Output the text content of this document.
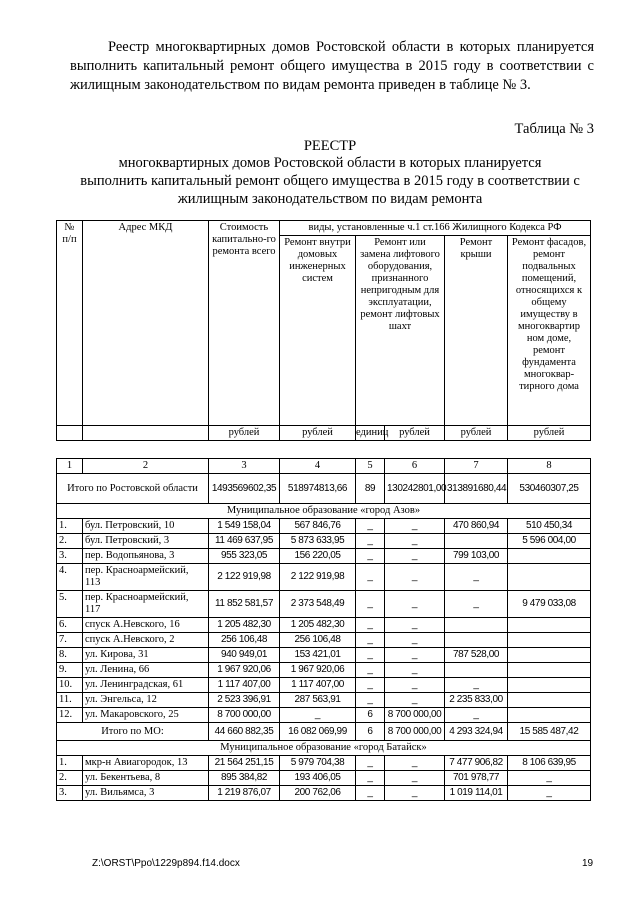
Реестр многоквартирных домов Ростовской области в которых планируется выполнить капитальный ремонт общего имущества в 2015 году в соответствии с жилищным законодательством по видам ремонта приведен в таблице № 3.
Таблица № 3
РЕЕСТР
многоквартирных домов Ростовской области в которых планируется
выполнить капитальный ремонт общего имущества в 2015 году в соответствии с
жилищным законодательством по видам ремонта
№ п/п	Адрес МКД	Стоимость капитально-го ремонта всего	виды, установленные ч.1 ст.166 Жилищного Кодекса РФ				
			Ремонт внутри домовых инженерных систем	Ремонт или замена лифтового оборудования, признанного непригодным для эксплуатации, ремонт лифтовых шахт		Ремонт крыши	Ремонт фасадов, ремонт подвальных помещений, относящихся к общему имуществу в многоквартир ном доме, ремонт фундамента многоквар-тирного дома
		рублей	рублей	единиц	рублей	рублей	рублей
1	2	3	4	5	6	7	8
Итого по Ростовской области		1493569602,35	518974813,66	89	130242801,00	313891680,44	530460307,25
Муниципальное образование «город Азов»							
1.	бул. Петровский, 10	1 549 158,04	567 846,76	_	_	470 860,94	510 450,34
2.	бул. Петровский, 3	11 469 637,95	5 873 633,95	_	_		5 596 004,00
3.	пер. Водопьянова, 3	955 323,05	156 220,05	_	_	799 103,00	
4.	пер. Красноармейский, 113	2 122 919,98	2 122 919,98	_	_	_	
5.	пер. Красноармейский, 117	11 852 581,57	2 373 548,49	_	_	_	9 479 033,08
6.	спуск А.Невского, 16	1 205 482,30	1 205 482,30	_	_		
7.	спуск А.Невского, 2	256 106,48	256 106,48	_	_		
8.	ул. Кирова, 31	940 949,01	153 421,01	_	_	787 528,00	
9.	ул. Ленина, 66	1 967 920,06	1 967 920,06	_	_		
10.	ул. Ленинградская, 61	1 117 407,00	1 117 407,00	_	_	_	
11.	ул. Энгельса, 12	2 523 396,91	287 563,91	_	_	2 235 833,00	
12.	ул. Макаровского, 25	8 700 000,00	_	6	8 700 000,00	_	
Итого по МО:		44 660 882,35	16 082 069,99	6	8 700 000,00	4 293 324,94	15 585 487,42
Муниципальное образование «город Батайск»							
1.	мкр-н Авиагородок, 13	21 564 251,15	5 979 704,38	_	_	7 477 906,82	8 106 639,95
2.	ул. Бекентьева, 8	895 384,82	193 406,05	_	_	701 978,77	_
3.	ул. Вильямса, 3	1 219 876,07	200 762,06	_	_	1 019 114,01	_
Z:\ORST\Ppo\1229p894.f14.docx	19
